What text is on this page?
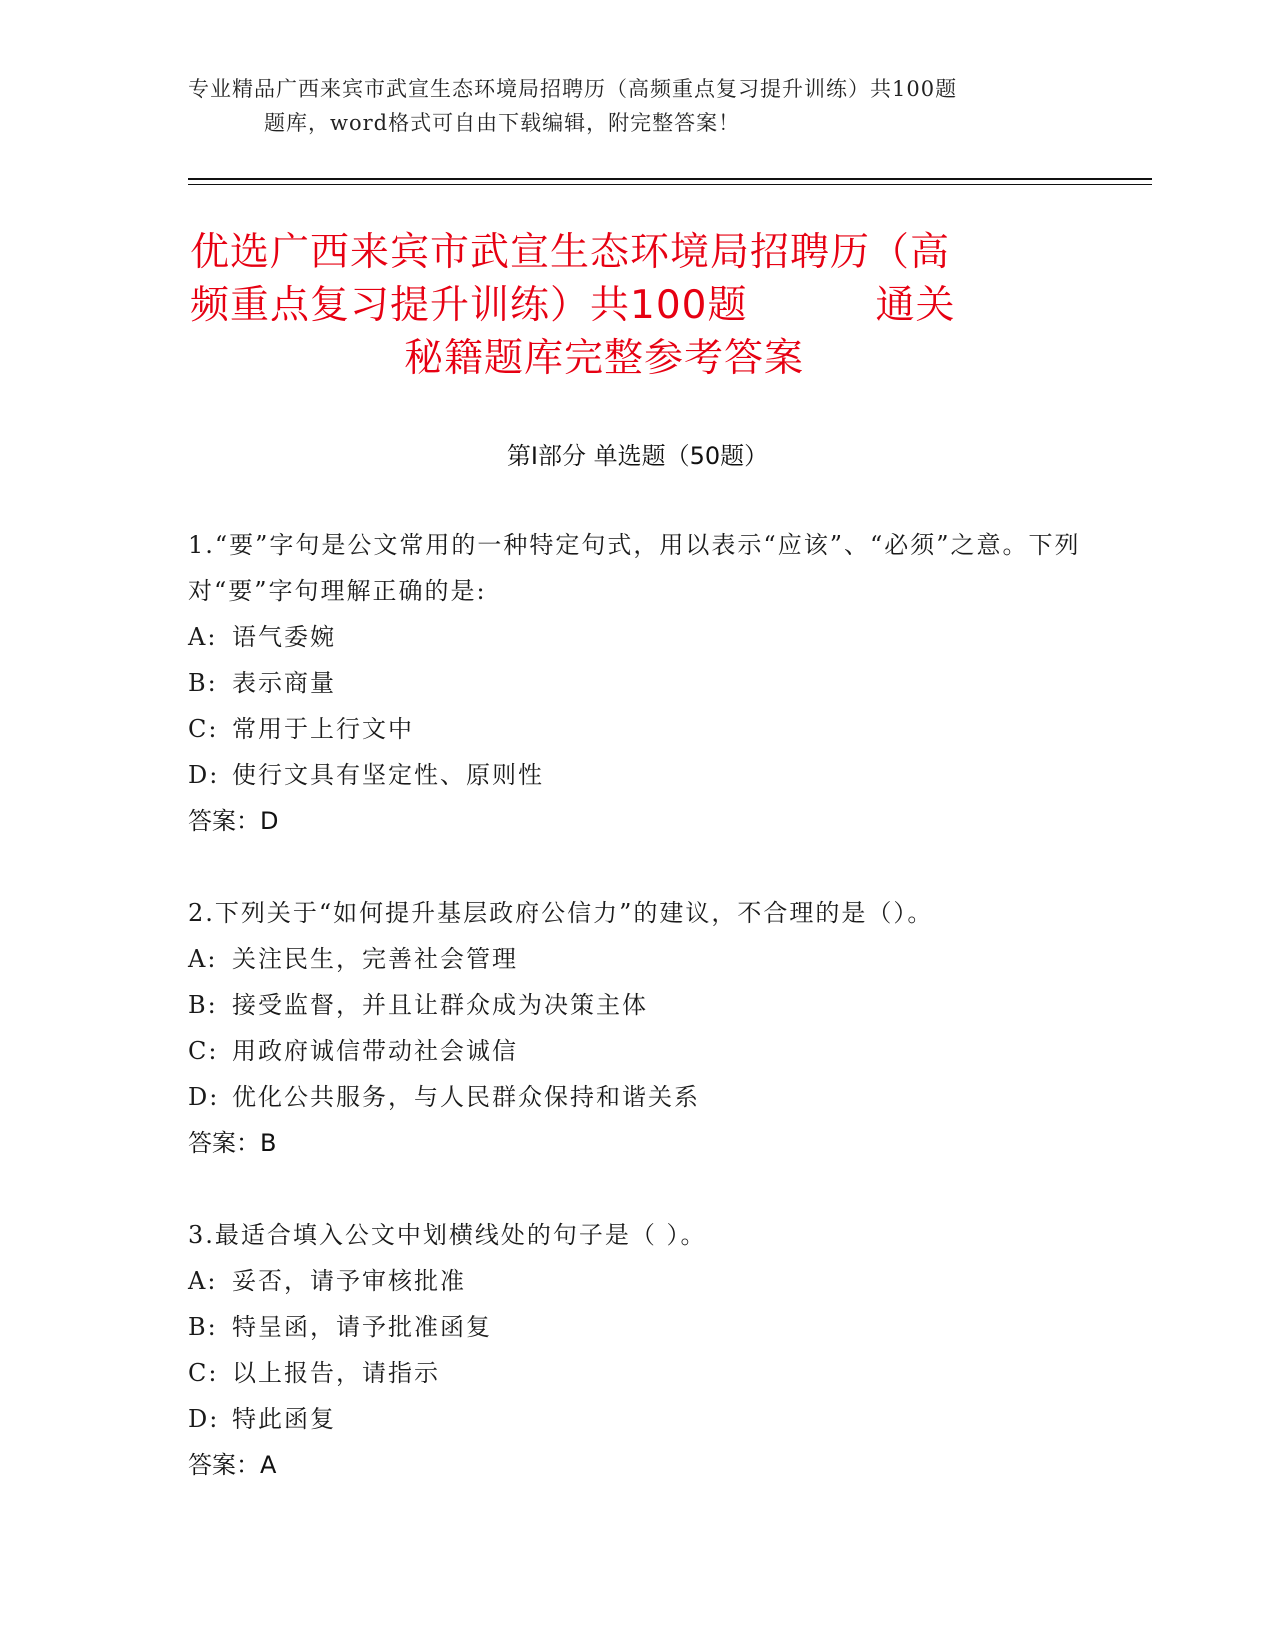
专业精品广西来宾市武宣生态环境局招聘历（高频重点复习提升训练）共100题
题库，word格式可自由下载编辑，附完整答案！
优选广西来宾市武宣生态环境局招聘历（高
频重点复习提升训练）共100题	通关
秘籍题库完整参考答案
第Ⅰ部分 单选题（50题）
1.“要”字句是公文常用的一种特定句式，用以表示“应该”、“必须”之意。下列对“要”字句理解正确的是:
A: 语气委婉
B: 表示商量
C: 常用于上行文中
D: 使行文具有坚定性、原则性
答案：D
2.下列关于“如何提升基层政府公信力”的建议，不合理的是（）。
A: 关注民生，完善社会管理
B: 接受监督，并且让群众成为决策主体
C: 用政府诚信带动社会诚信
D: 优化公共服务，与人民群众保持和谐关系
答案：B
3.最适合填入公文中划横线处的句子是（ ）。
A: 妥否，请予审核批准
B: 特呈函，请予批准函复
C: 以上报告，请指示
D: 特此函复
答案：A
